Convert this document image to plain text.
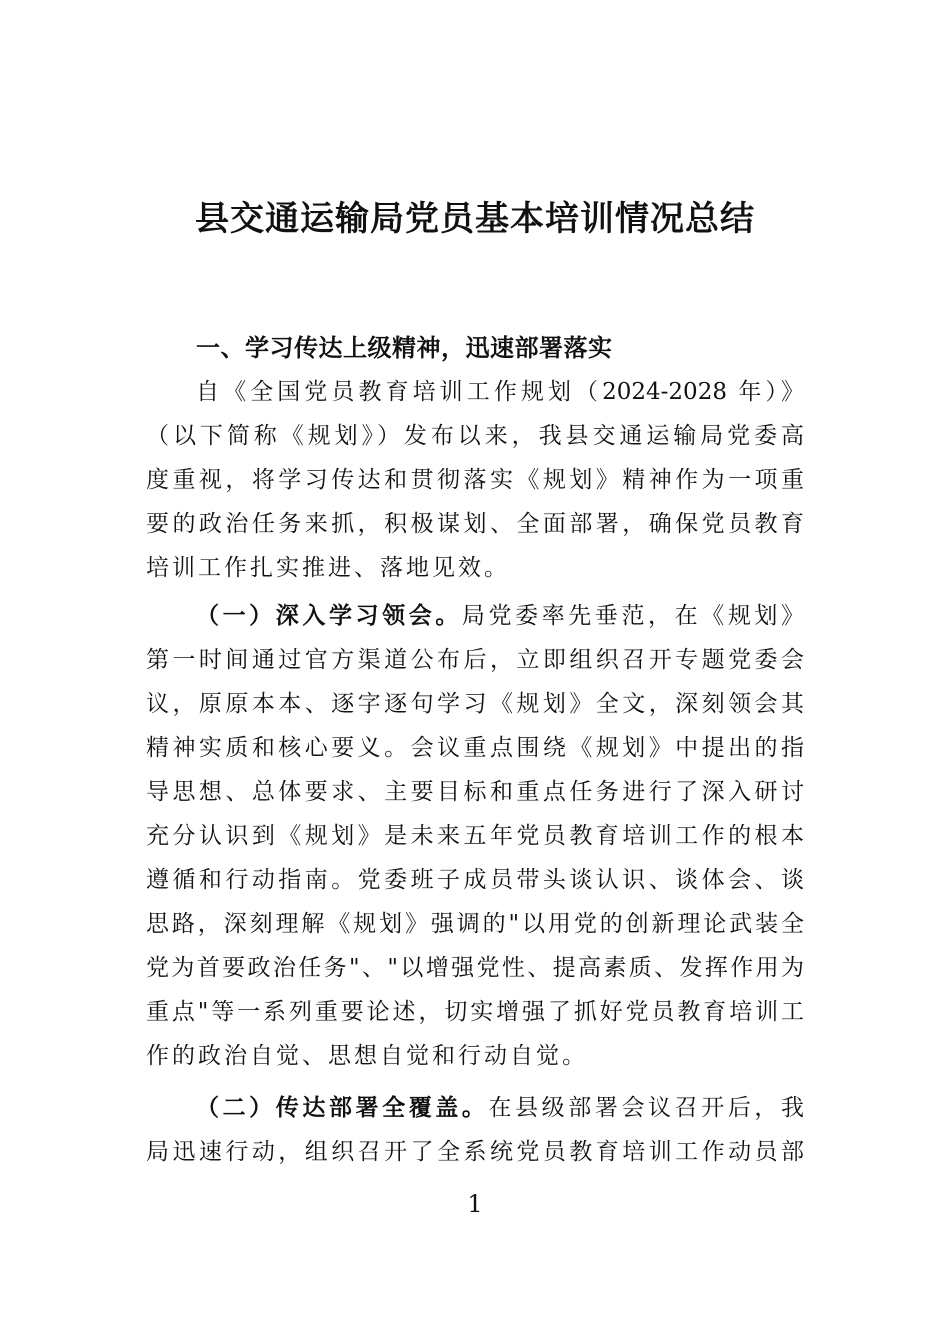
县交通运输局党员基本培训情况总结
一、学习传达上级精神，迅速部署落实
自《全国党员教育培训工作规划（2024-2028 年）》
（以下简称《规划》）发布以来，我县交通运输局党委高
度重视，将学习传达和贯彻落实《规划》精神作为一项重
要的政治任务来抓，积极谋划、全面部署，确保党员教育
培训工作扎实推进、落地见效。
（一）深入学习领会。局党委率先垂范，在《规划》
第一时间通过官方渠道公布后，立即组织召开专题党委会
议，原原本本、逐字逐句学习《规划》全文，深刻领会其
精神实质和核心要义。会议重点围绕《规划》中提出的指
导思想、总体要求、主要目标和重点任务进行了深入研讨
充分认识到《规划》是未来五年党员教育培训工作的根本
遵循和行动指南。党委班子成员带头谈认识、谈体会、谈
思路，深刻理解《规划》强调的"以用党的创新理论武装全
党为首要政治任务"、"以增强党性、提高素质、发挥作用为
重点"等一系列重要论述，切实增强了抓好党员教育培训工
作的政治自觉、思想自觉和行动自觉。
（二）传达部署全覆盖。在县级部署会议召开后，我
局迅速行动，组织召开了全系统党员教育培训工作动员部
1
